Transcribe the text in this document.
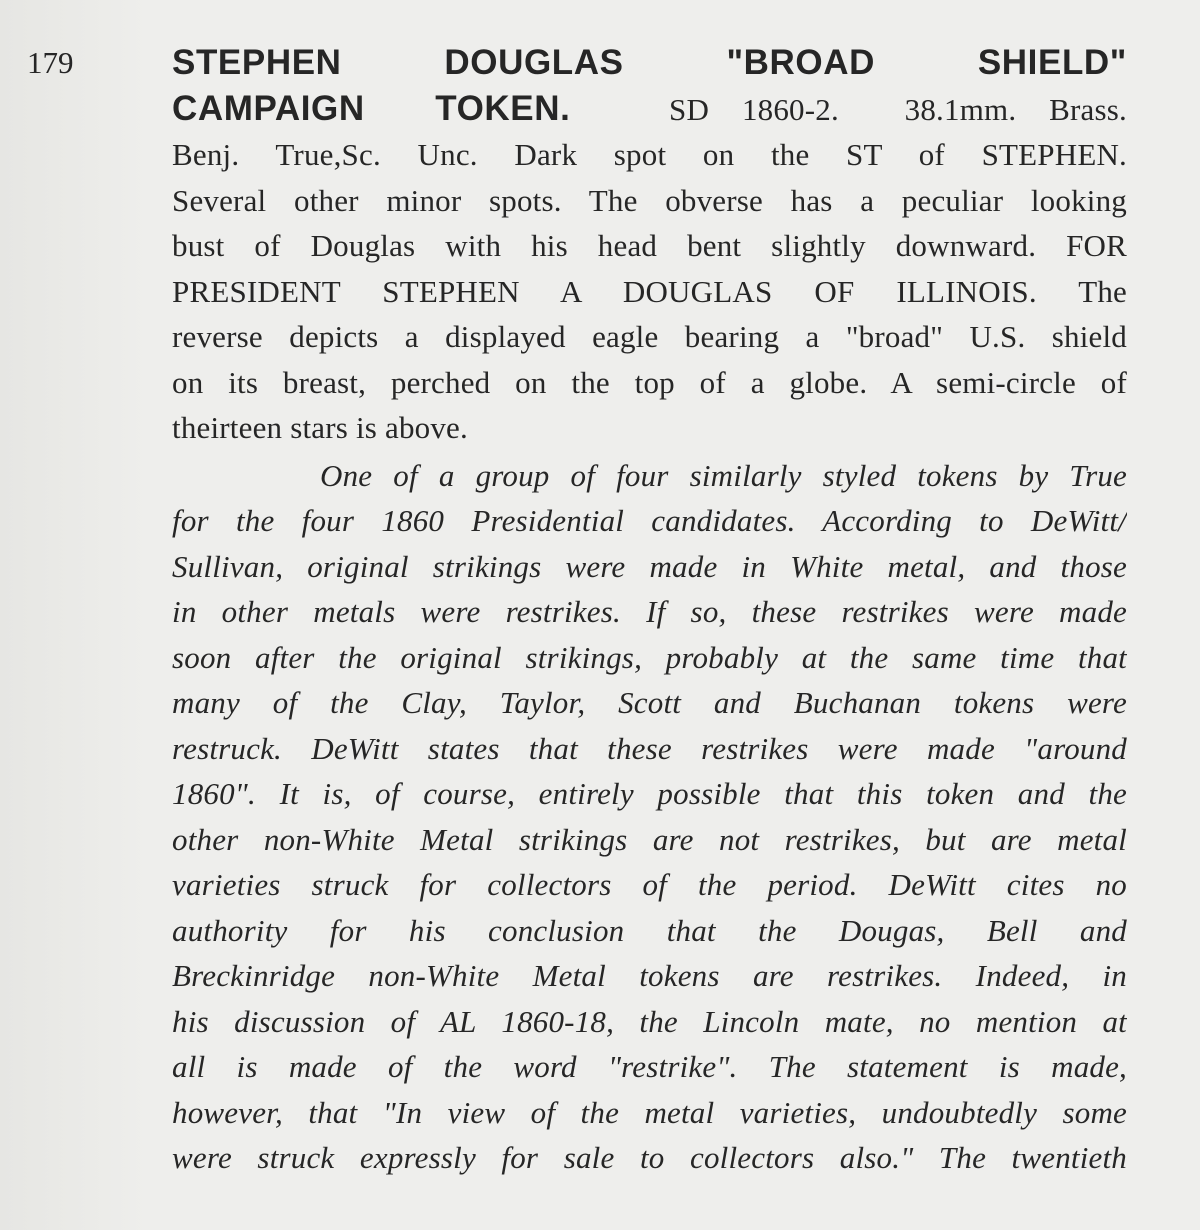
179	STEPHEN   DOUGLAS   "BROAD   SHIELD"
CAMPAIGN  TOKEN.	SD 1860-2.  38.1mm. Brass.
Benj. True,Sc. Unc. Dark spot on the ST of STEPHEN.
Several other minor spots. The obverse has a peculiar looking
bust of Douglas with his head bent slightly downward. FOR
PRESIDENT STEPHEN A DOUGLAS OF ILLINOIS. The
reverse depicts a displayed eagle bearing a "broad" U.S. shield
on its breast, perched on the top of a globe. A semi-circle of
theirteen stars is above.
One of a group of four similarly styled tokens by True
for the four 1860 Presidential candidates. According to DeWitt/
Sullivan, original strikings were made in White metal, and those
in other metals were restrikes. If so, these restrikes were made
soon after the original strikings, probably at the same time that
many of the Clay, Taylor, Scott and Buchanan tokens were
restruck. DeWitt states that these restrikes were made "around
1860". It is, of course, entirely possible that this token and the
other non-White Metal strikings are not restrikes, but are metal
varieties struck for collectors of the period. DeWitt cites no
authority for his conclusion that the Dougas, Bell and
Breckinridge non-White Metal tokens are restrikes. Indeed, in
his discussion of AL 1860-18, the Lincoln mate, no mention at
all is made of the word "restrike". The statement is made,
however, that "In view of the metal varieties, undoubtedly some
were struck expressly for sale to collectors also." The twentieth
